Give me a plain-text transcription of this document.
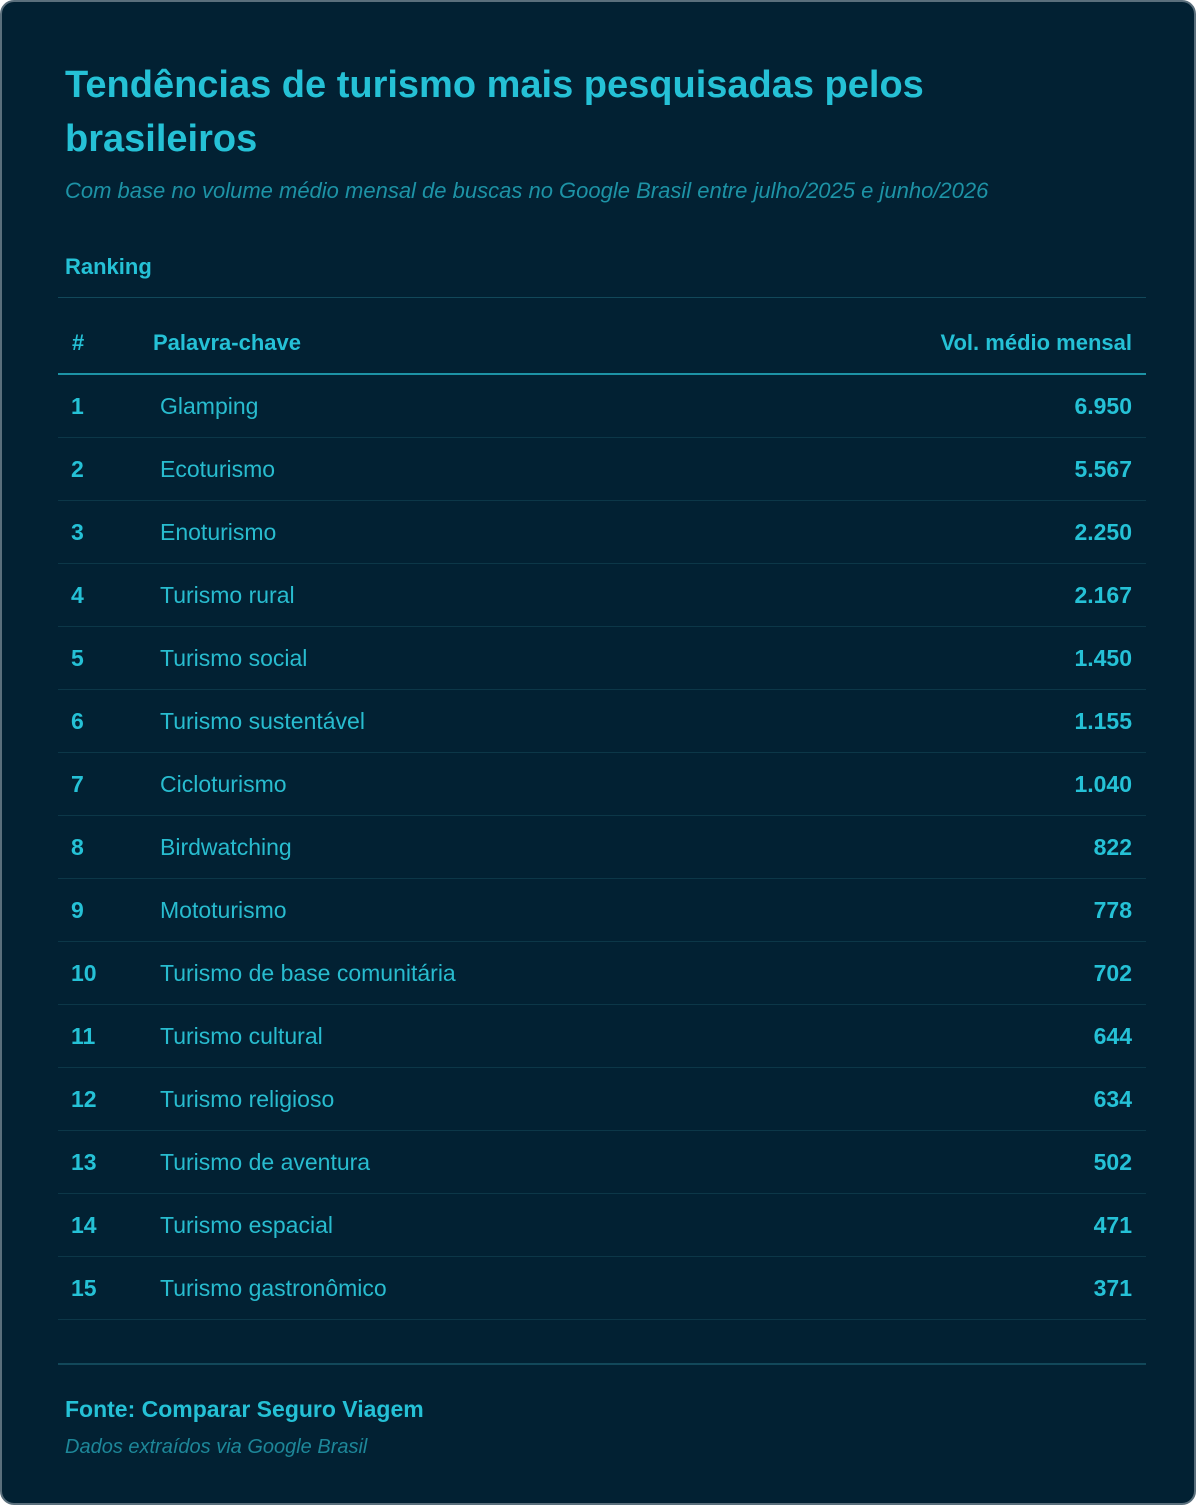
Tendências de turismo mais pesquisadas pelos brasileiros

Com base no volume médio mensal de buscas no Google Brasil entre julho/2025 e junho/2026

Ranking
#	Palavra-chave	Vol. médio mensal
1	Glamping	6.950
2	Ecoturismo	5.567
3	Enoturismo	2.250
4	Turismo rural	2.167
5	Turismo social	1.450
6	Turismo sustentável	1.155
7	Cicloturismo	1.040
8	Birdwatching	822
9	Mototurismo	778
10	Turismo de base comunitária	702
11	Turismo cultural	644
12	Turismo religioso	634
13	Turismo de aventura	502
14	Turismo espacial	471
15	Turismo gastronômico	371
Fonte: Comparar Seguro Viagem
Dados extraídos via Google Brasil
